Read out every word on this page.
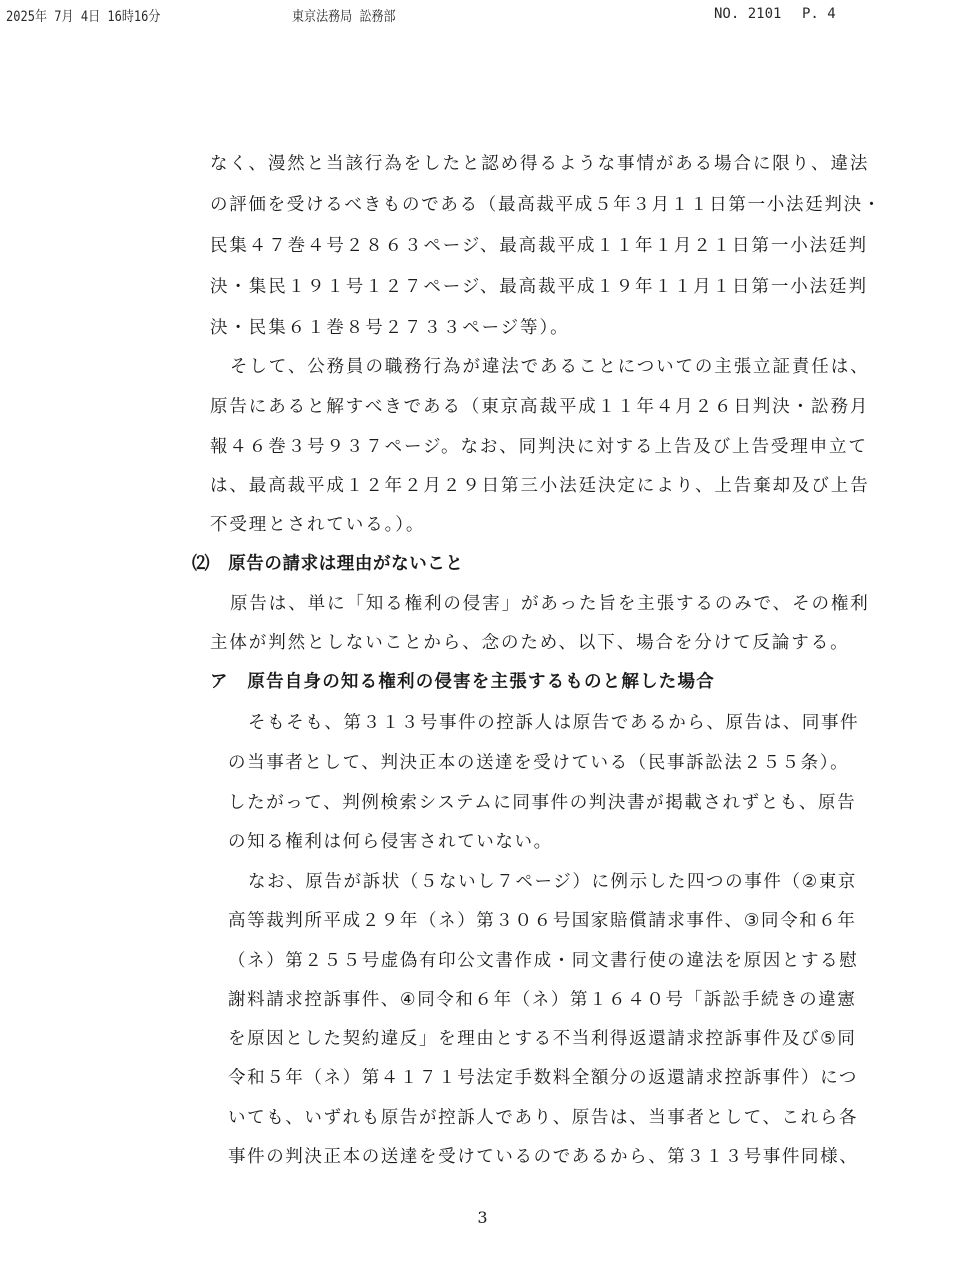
2025年 7月 4日 16時16分	東京法務局 訟務部	NO. 2101 P. 4
なく、漫然と当該行為をしたと認め得るような事情がある場合に限り、違法
の評価を受けるべきものである（最高裁平成５年３月１１日第一小法廷判決・
民集４７巻４号２８６３ページ、最高裁平成１１年１月２１日第一小法廷判
決・集民１９１号１２７ページ、最高裁平成１９年１１月１日第一小法廷判
決・民集６１巻８号２７３３ページ等）。
そして、公務員の職務行為が違法であることについての主張立証責任は、
原告にあると解すべきである（東京高裁平成１１年４月２６日判決・訟務月
報４６巻３号９３７ページ。なお、同判決に対する上告及び上告受理申立て
は、最高裁平成１２年２月２９日第三小法廷決定により、上告棄却及び上告
不受理とされている。）。
⑵　原告の請求は理由がないこと
原告は、単に「知る権利の侵害」があった旨を主張するのみで、その権利
主体が判然としないことから、念のため、以下、場合を分けて反論する。
ア　原告自身の知る権利の侵害を主張するものと解した場合
そもそも、第３１３号事件の控訴人は原告であるから、原告は、同事件
の当事者として、判決正本の送達を受けている（民事訴訟法２５５条）。
したがって、判例検索システムに同事件の判決書が掲載されずとも、原告
の知る権利は何ら侵害されていない。
なお、原告が訴状（５ないし７ページ）に例示した四つの事件（②東京
高等裁判所平成２９年（ネ）第３０６号国家賠償請求事件、③同令和６年
（ネ）第２５５号虚偽有印公文書作成・同文書行使の違法を原因とする慰
謝料請求控訴事件、④同令和６年（ネ）第１６４０号「訴訟手続きの違憲
を原因とした契約違反」を理由とする不当利得返還請求控訴事件及び⑤同
令和５年（ネ）第４１７１号法定手数料全額分の返還請求控訴事件）につ
いても、いずれも原告が控訴人であり、原告は、当事者として、これら各
事件の判決正本の送達を受けているのであるから、第３１３号事件同様、
3
